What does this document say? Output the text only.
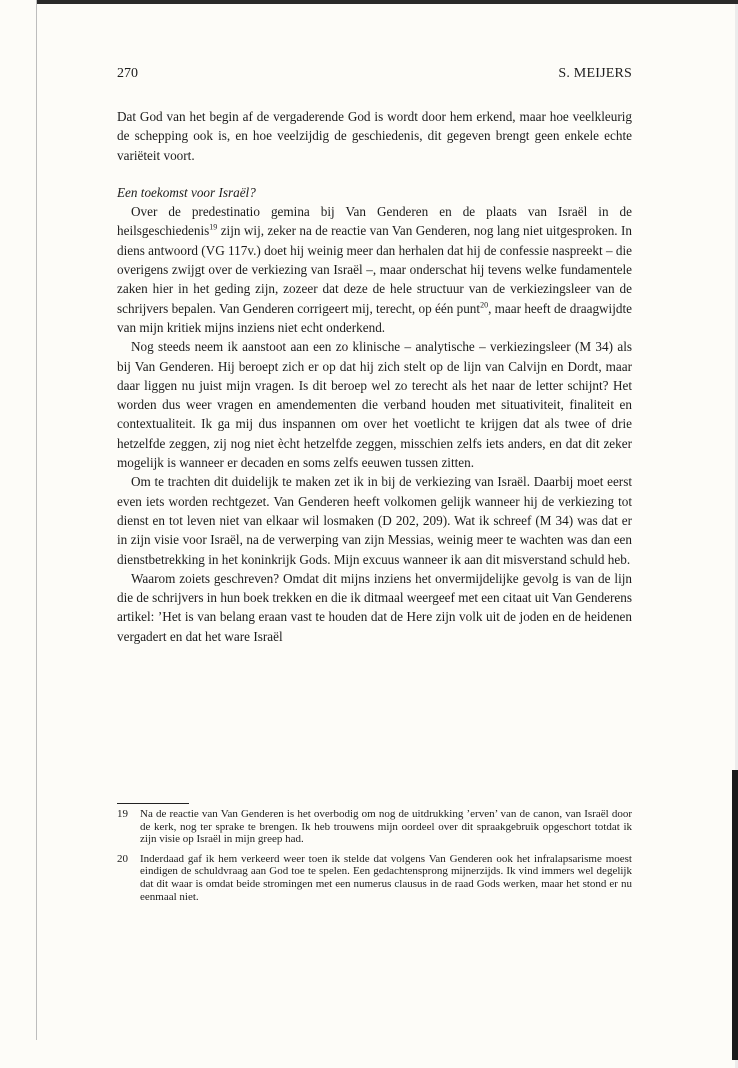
270	S. MEIJERS

Dat God van het begin af de vergaderende God is wordt door hem erkend, maar hoe veelkleurig de schepping ook is, en hoe veelzijdig de geschiedenis, dit gegeven brengt geen enkele echte variëteit voort.

Een toekomst voor Israël?

Over de predestinatio gemina bij Van Genderen en de plaats van Israël in de heilsgeschiedenis$^{19}$ zijn wij, zeker na de reactie van Van Genderen, nog lang niet uitgesproken. In diens antwoord (VG 117v.) doet hij weinig meer dan herhalen dat hij de confessie naspreekt – die overigens zwijgt over de verkiezing van Israël –, maar onderschat hij tevens welke fundamentele zaken hier in het geding zijn, zozeer dat deze de hele structuur van de verkiezingsleer van de schrijvers bepalen. Van Genderen corrigeert mij, terecht, op één punt$^{20}$, maar heeft de draagwijdte van mijn kritiek mijns inziens niet echt onderkend.

Nog steeds neem ik aanstoot aan een zo klinische – analytische – verkiezingsleer (M 34) als bij Van Genderen. Hij beroept zich er op dat hij zich stelt op de lijn van Calvijn en Dordt, maar daar liggen nu juist mijn vragen. Is dit beroep wel zo terecht als het naar de letter schijnt? Het worden dus weer vragen en amendementen die verband houden met situativiteit, finaliteit en contextualiteit. Ik ga mij dus inspannen om over het voetlicht te krijgen dat als twee of drie hetzelfde zeggen, zij nog niet ècht hetzelfde zeggen, misschien zelfs iets anders, en dat dit zeker mogelijk is wanneer er decaden en soms zelfs eeuwen tussen zitten.

Om te trachten dit duidelijk te maken zet ik in bij de verkiezing van Israël. Daarbij moet eerst even iets worden rechtgezet. Van Genderen heeft volkomen gelijk wanneer hij de verkiezing tot dienst en tot leven niet van elkaar wil losmaken (D 202, 209). Wat ik schreef (M 34) was dat er in zijn visie voor Israël, na de verwerping van zijn Messias, weinig meer te wachten was dan een dienstbetrekking in het koninkrijk Gods. Mijn excuus wanneer ik aan dit misverstand schuld heb.

Waarom zoiets geschreven? Omdat dit mijns inziens het onvermijdelijke gevolg is van de lijn die de schrijvers in hun boek trekken en die ik ditmaal weergeef met een citaat uit Van Genderens artikel: ’Het is van belang eraan vast te houden dat de Here zijn volk uit de joden en de heidenen vergadert en dat het ware Israël

19	Na de reactie van Van Genderen is het overbodig om nog de uitdrukking ’erven’ van de canon, van Israël door de kerk, nog ter sprake te brengen. Ik heb trouwens mijn oordeel over dit spraakgebruik opgeschort totdat ik zijn visie op Israël in mijn greep had.
20	Inderdaad gaf ik hem verkeerd weer toen ik stelde dat volgens Van Genderen ook het infralapsarisme moest eindigen de schuldvraag aan God toe te spelen. Een gedachtensprong mijnerzijds. Ik vind immers wel degelijk dat dit waar is omdat beide stromingen met een numerus clausus in de raad Gods werken, maar het stond er nu eenmaal niet.
